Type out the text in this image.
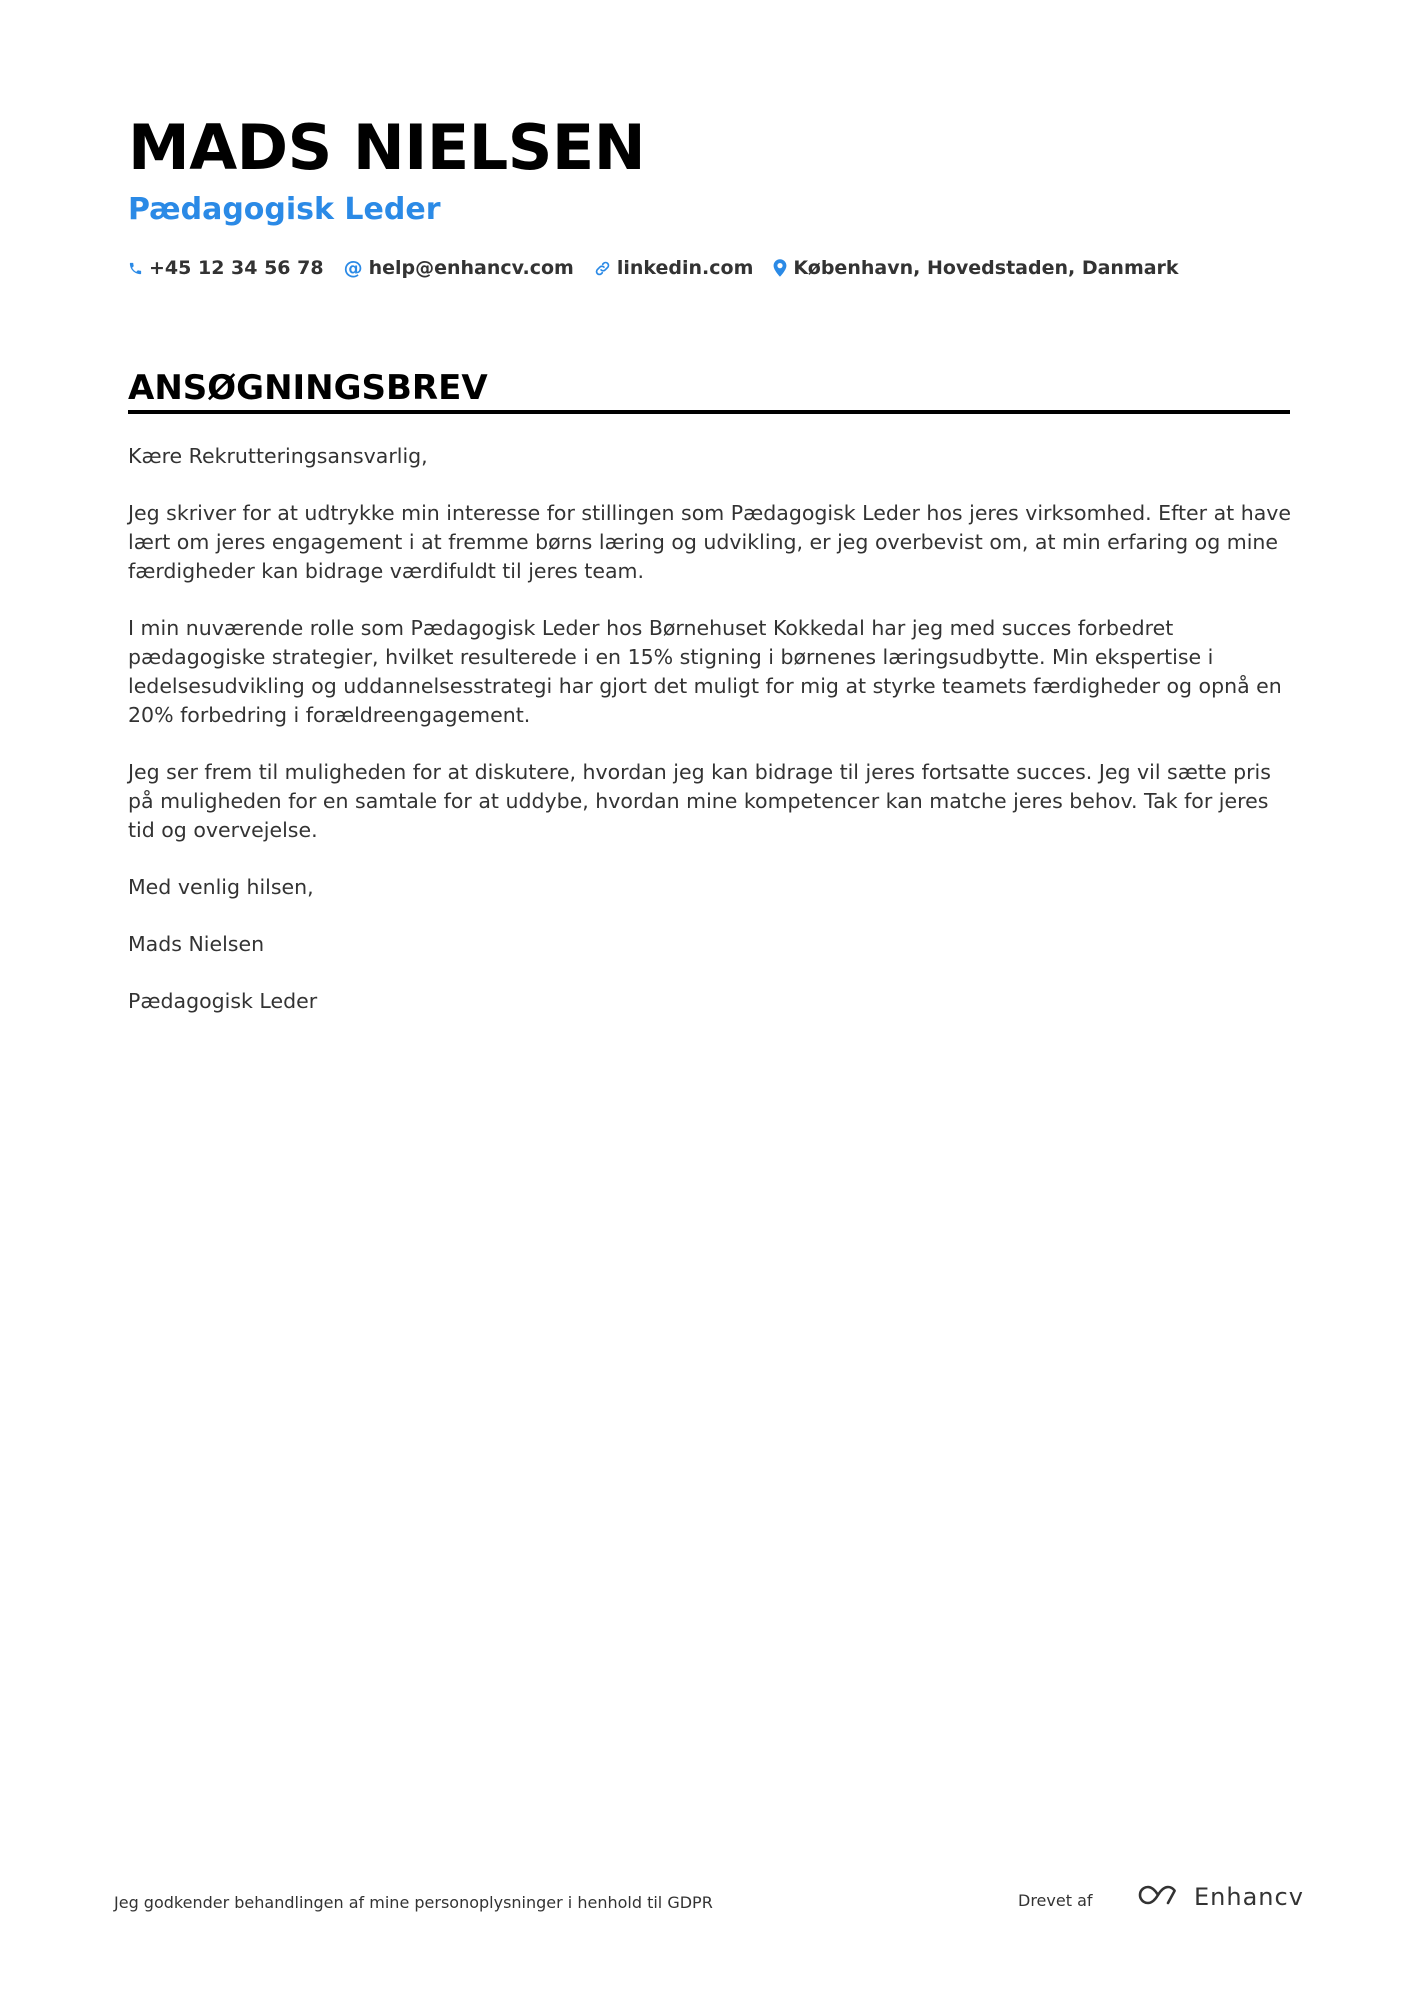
MADS NIELSEN
Pædagogisk Leder
+45 12 34 56 78 @ help@enhancv.com linkedin.com København, Hovedstaden, Danmark
ANSØGNINGSBREV

Kære Rekrutteringsansvarlig,

Jeg skriver for at udtrykke min interesse for stillingen som Pædagogisk Leder hos jeres virksomhed. Efter at have lært om jeres engagement i at fremme børns læring og udvikling, er jeg overbevist om, at min erfaring og mine færdigheder kan bidrage værdifuldt til jeres team.

I min nuværende rolle som Pædagogisk Leder hos Børnehuset Kokkedal har jeg med succes forbedret pædagogiske strategier, hvilket resulterede i en 15% stigning i børnenes læringsudbytte. Min ekspertise i ledelsesudvikling og uddannelsesstrategi har gjort det muligt for mig at styrke teamets færdigheder og opnå en 20% forbedring i forældreengagement.

Jeg ser frem til muligheden for at diskutere, hvordan jeg kan bidrage til jeres fortsatte succes. Jeg vil sætte pris på muligheden for en samtale for at uddybe, hvordan mine kompetencer kan matche jeres behov. Tak for jeres tid og overvejelse.

Med venlig hilsen,

Mads Nielsen

Pædagogisk Leder

Jeg godkender behandlingen af mine personoplysninger i henhold til GDPR	Drevet af	Enhancv
